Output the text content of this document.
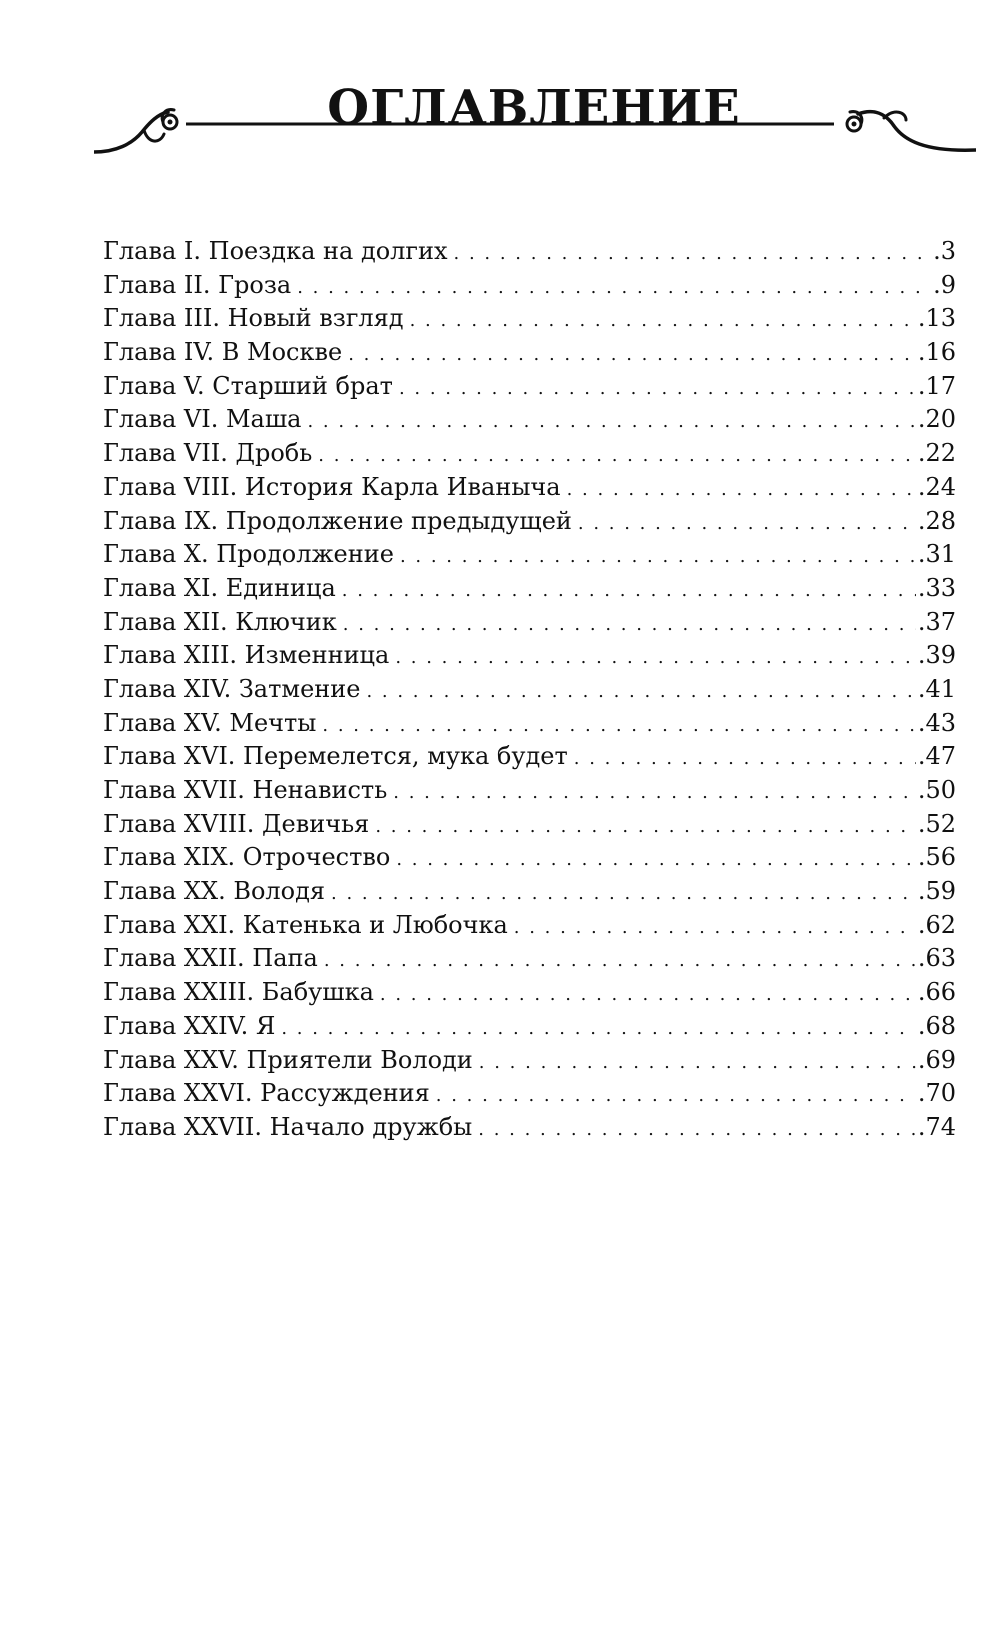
ОГЛАВЛЕНИЕ
Глава I. Поездка на долгих . . .	.3
Глава II. Гроза . . .	.9
Глава III. Новый взгляд . . .	.13
Глава IV. В Москве . . .	.16
Глава V. Старший брат . . .	.17
Глава VI. Маша . . .	.20
Глава VII. Дробь . . .	.22
Глава VIII. История Карла Иваныча . . .	.24
Глава IX. Продолжение предыдущей . . .	.28
Глава X. Продолжение . . .	.31
Глава XI. Единица . . .	.33
Глава XII. Ключик . . .	.37
Глава XIII. Изменница . . .	.39
Глава XIV. Затмение . . .	.41
Глава XV. Мечты . . .	.43
Глава XVI. Перемелется, мука будет . . .	.47
Глава XVII. Ненависть . . .	.50
Глава XVIII. Девичья . . .	.52
Глава XIX. Отрочество . . .	.56
Глава XX. Володя . . .	.59
Глава XXI. Катенька и Любочка . . .	.62
Глава XXII. Папа . . .	.63
Глава XXIII. Бабушка . . .	.66
Глава XXIV. Я . . .	.68
Глава XXV. Приятели Володи . . .	.69
Глава XXVI. Рассуждения . . .	.70
Глава XXVII. Начало дружбы . . .	.74
